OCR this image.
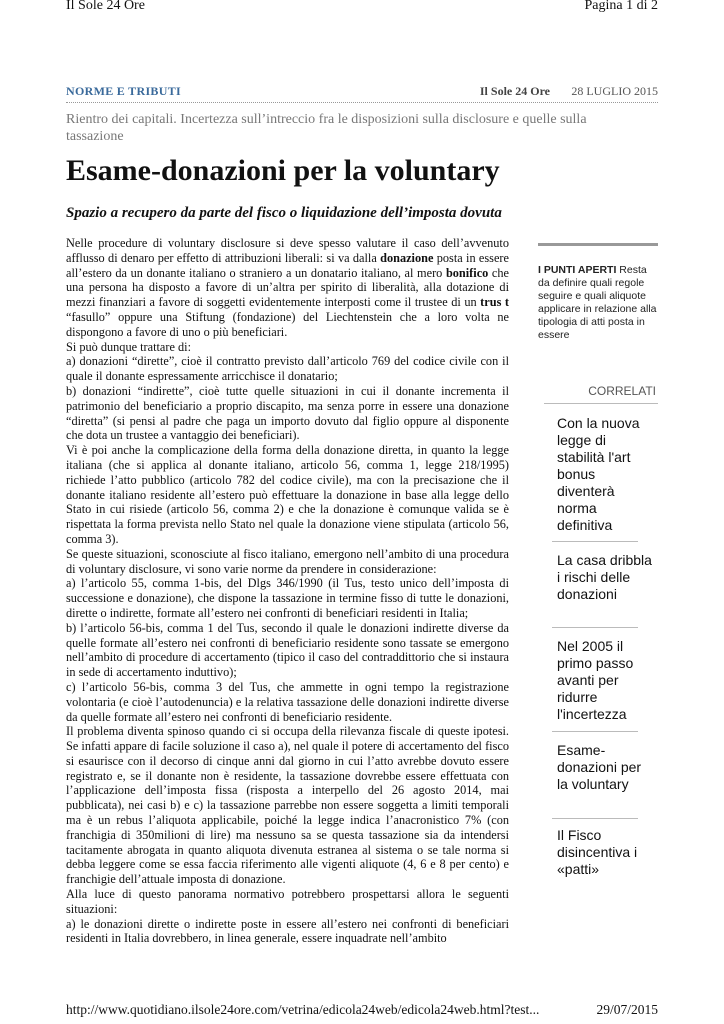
Il Sole 24 Ore	Pagina 1 di 2
NORME E TRIBUTI	Il Sole 24 Ore 28 LUGLIO 2015
Rientro dei capitali. Incertezza sull’intreccio fra le disposizioni sulla disclosure e quelle sulla tassazione
Esame-donazioni per la voluntary
Spazio a recupero da parte del fisco o liquidazione dell’imposta dovuta

Nelle procedure di voluntary disclosure si deve spesso valutare il caso dell’avvenuto afflusso di denaro per effetto di attribuzioni liberali: si va dalla donazione posta in essere all’estero da un donante italiano o straniero a un donatario italiano, al mero bonifico che una persona ha disposto a favore di un’altra per spirito di liberalità, alla dotazione di mezzi finanziari a favore di soggetti evidentemente interposti come il trustee di un trus t “fasullo” oppure una Stiftung (fondazione) del Liechtenstein che a loro volta ne dispongono a favore di uno o più beneficiari.

Si può dunque trattare di:

a) donazioni “dirette”, cioè il contratto previsto dall’articolo 769 del codice civile con il quale il donante espressamente arricchisce il donatario;

b) donazioni “indirette”, cioè tutte quelle situazioni in cui il donante incrementa il patrimonio del beneficiario a proprio discapito, ma senza porre in essere una donazione “diretta” (si pensi al padre che paga un importo dovuto dal figlio oppure al disponente che dota un trustee a vantaggio dei beneficiari).

Vi è poi anche la complicazione della forma della donazione diretta, in quanto la legge italiana (che si applica al donante italiano, articolo 56, comma 1, legge 218/1995) richiede l’atto pubblico (articolo 782 del codice civile), ma con la precisazione che il donante italiano residente all’estero può effettuare la donazione in base alla legge dello Stato in cui risiede (articolo 56, comma 2) e che la donazione è comunque valida se è rispettata la forma prevista nello Stato nel quale la donazione viene stipulata (articolo 56, comma 3).

Se queste situazioni, sconosciute al fisco italiano, emergono nell’ambito di una procedura di voluntary disclosure, vi sono varie norme da prendere in considerazione:

a) l’articolo 55, comma 1-bis, del Dlgs 346/1990 (il Tus, testo unico dell’imposta di successione e donazione), che dispone la tassazione in termine fisso di tutte le donazioni, dirette o indirette, formate all’estero nei confronti di beneficiari residenti in Italia;

b) l’articolo 56-bis, comma 1 del Tus, secondo il quale le donazioni indirette diverse da quelle formate all’estero nei confronti di beneficiario residente sono tassate se emergono nell’ambito di procedure di accertamento (tipico il caso del contraddittorio che si instaura in sede di accertamento induttivo);

c) l’articolo 56-bis, comma 3 del Tus, che ammette in ogni tempo la registrazione volontaria (e cioè l’autodenuncia) e la relativa tassazione delle donazioni indirette diverse da quelle formate all’estero nei confronti di beneficiario residente.

Il problema diventa spinoso quando ci si occupa della rilevanza fiscale di queste ipotesi. Se infatti appare di facile soluzione il caso a), nel quale il potere di accertamento del fisco si esaurisce con il decorso di cinque anni dal giorno in cui l’atto avrebbe dovuto essere registrato e, se il donante non è residente, la tassazione dovrebbe essere effettuata con l’applicazione dell’imposta fissa (risposta a interpello del 26 agosto 2014, mai pubblicata), nei casi b) e c) la tassazione parrebbe non essere soggetta a limiti temporali ma è un rebus l’aliquota applicabile, poiché la legge indica l’anacronistico 7% (con franchigia di 350milioni di lire) ma nessuno sa se questa tassazione sia da intendersi tacitamente abrogata in quanto aliquota divenuta estranea al sistema o se tale norma si debba leggere come se essa faccia riferimento alle vigenti aliquote (4, 6 e 8 per cento) e franchigie dell’attuale imposta di donazione.

Alla luce di questo panorama normativo potrebbero prospettarsi allora le seguenti situazioni:

a) le donazioni dirette o indirette poste in essere all’estero nei confronti di beneficiari residenti in Italia dovrebbero, in linea generale, essere inquadrate nell’ambito

I PUNTI APERTI Resta da definire quali regole seguire e quali aliquote applicare in relazione alla tipologia di atti posta in essere
CORRELATI
Con la nuova legge di stabilità l'art bonus diventerà norma definitiva
La casa dribbla i rischi delle donazioni
Nel 2005 il primo passo avanti per ridurre l'incertezza
Esame-donazioni per la voluntary
Il Fisco disincentiva i «patti»
http://www.quotidiano.ilsole24ore.com/vetrina/edicola24web/edicola24web.html?test...	29/07/2015
